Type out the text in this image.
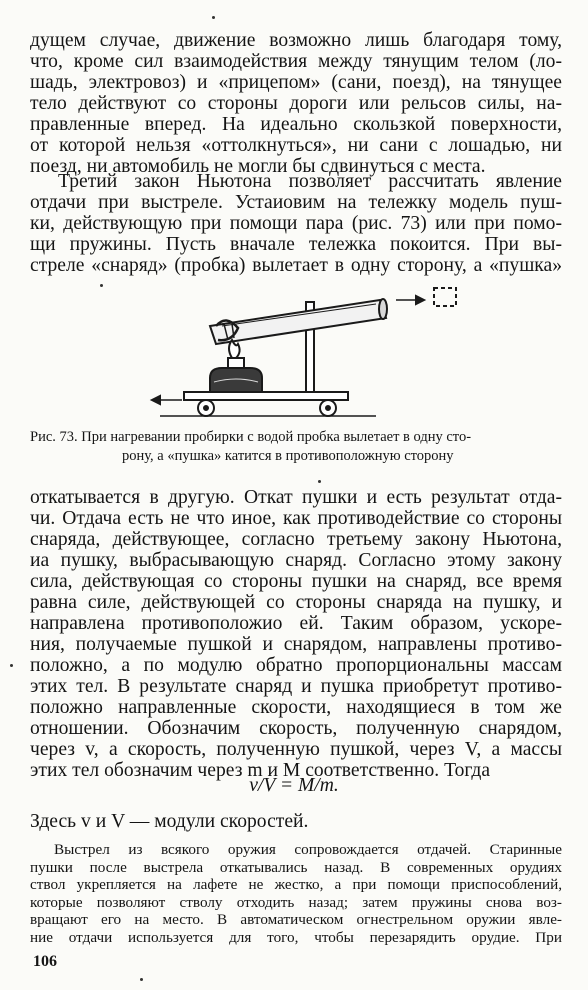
дущем случае, движение возможно лишь благодаря тому,
что, кроме сил взаимодействия между тянущим телом (ло-
шадь, электровоз) и «прицепом» (сани, поезд), на тянущее
тело действуют со стороны дороги или рельсов силы, на-
правленные вперед. На идеально скользкой поверхности,
от которой нельзя «оттолкнуться», ни сани с лошадью, ни
поезд, ни автомобиль не могли бы сдвинуться с места.
Третий закон Ньютона позволяет рассчитать явление
отдачи при выстреле. Устаиовим на тележку модель пуш-
ки, действующую при помощи пара (рис. 73) или при помо-
щи пружины. Пусть вначале тележка покоится. При вы-
стреле «снаряд» (пробка) вылетает в одну сторону, а «пушка»
Рис. 73. При нагревании пробирки с водой пробка вылетает в одну сто-
рону, а «пушка» катится в противоположную сторону
откатывается в другую. Откат пушки и есть результат отда-
чи. Отдача есть не что иное, как противодействие со стороны
снаряда, действующее, согласно третьему закону Ньютона,
иа пушку, выбрасывающую снаряд. Согласно этому закону
сила, действующая со стороны пушки на снаряд, все время
равна силе, действующей со стороны снаряда на пушку, и
направлена противоположио ей. Таким образом, ускоре-
ния, получаемые пушкой и снарядом, направлены противо-
положно, а по модулю обратно пропорциональны массам
этих тел. В результате снаряд и пушка приобретут противо-
положно направленные скорости, находящиеся в том же
отношении. Обозначим скорость, полученную снарядом,
через v, а скорость, полученную пушкой, через V, а массы
этих тел обозначим через m и M соответственно. Тогда
v/V = M/m.
Здесь v и V — модули скоростей.
Выстрел из всякого оружия сопровождается отдачей. Старинные
пушки после выстрела откатывались назад. В современных орудиях
ствол укрепляется на лафете не жестко, а при помощи приспособлений,
которые позволяют стволу отходить назад; затем пружины снова воз-
вращают его на место. В автоматическом огнестрельном оружии явле-
ние отдачи используется для того, чтобы перезарядить орудие. При
106
